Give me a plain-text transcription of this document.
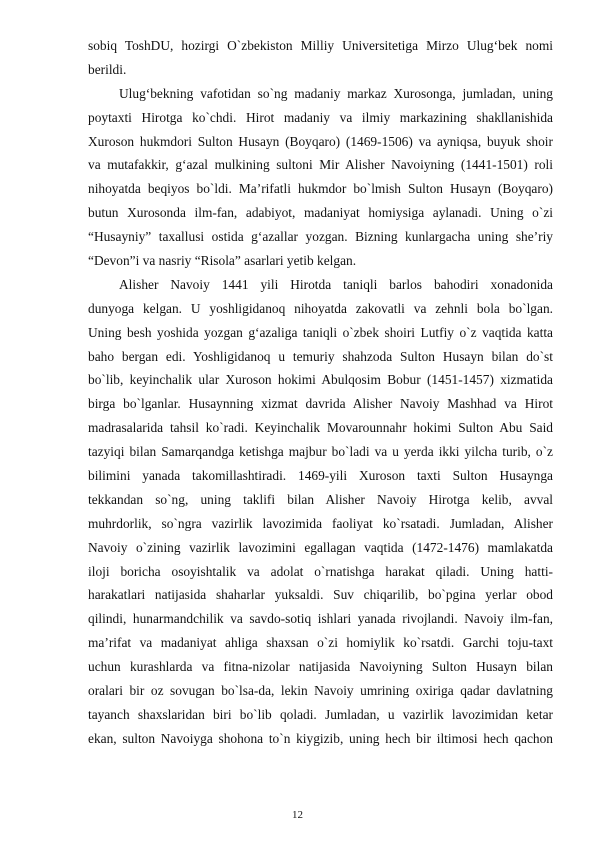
sobiq ToshDU, hozirgi O`zbekiston Milliy Universitetiga Mirzo Ulug‘bek nomi
berildi.
Ulug‘bekning vafotidan so`ng madaniy markaz Xurosonga, jumladan, uning
poytaxti Hirotga ko`chdi. Hirot madaniy va ilmiy markazining shakllanishida
Xuroson hukmdori Sulton Husayn (Boyqaro) (1469-1506) va ayniqsa, buyuk shoir
va mutafakkir, g‘azal mulkining sultoni Mir Alisher Navoiyning (1441-1501) roli
nihoyatda beqiyos bo`ldi. Ma’rifatli hukmdor bo`lmish Sulton Husayn (Boyqaro)
butun Xurosonda ilm-fan, adabiyot, madaniyat homiysiga aylanadi. Uning o`zi
“Husayniy” taxallusi ostida g‘azallar yozgan. Bizning kunlargacha uning she’riy
“Devon”i va nasriy “Risola” asarlari yetib kelgan.
Alisher Navoiy 1441 yili Hirotda taniqli barlos bahodiri xonadonida
dunyoga kelgan. U yoshligidanoq nihoyatda zakovatli va zehnli bola bo`lgan.
Uning besh yoshida yozgan g‘azaliga taniqli o`zbek shoiri Lutfiy o`z vaqtida katta
baho bergan edi. Yoshligidanoq u temuriy shahzoda Sulton Husayn bilan do`st
bo`lib, keyinchalik ular Xuroson hokimi Abulqosim Bobur (1451-1457) xizmatida
birga bo`lganlar. Husaynning xizmat davrida Alisher Navoiy Mashhad va Hirot
madrasalarida tahsil ko`radi. Keyinchalik Movarounnahr hokimi Sulton Abu Said
tazyiqi bilan Samarqandga ketishga majbur bo`ladi va u yerda ikki yilcha turib, o`z
bilimini yanada takomillashtiradi. 1469-yili Xuroson taxti Sulton Husaynga
tekkandan so`ng, uning taklifi bilan Alisher Navoiy Hirotga kelib, avval
muhrdorlik, so`ngra vazirlik lavozimida faoliyat ko`rsatadi. Jumladan, Alisher
Navoiy o`zining vazirlik lavozimini egallagan vaqtida (1472-1476) mamlakatda
iloji boricha osoyishtalik va adolat o`rnatishga harakat qiladi. Uning hatti-
harakatlari natijasida shaharlar yuksaldi. Suv chiqarilib, bo`pgina yerlar obod
qilindi, hunarmandchilik va savdo-sotiq ishlari yanada rivojlandi. Navoiy ilm-fan,
ma’rifat va madaniyat ahliga shaxsan o`zi homiylik ko`rsatdi. Garchi toju-taxt
uchun kurashlarda va fitna-nizolar natijasida Navoiyning Sulton Husayn bilan
oralari bir oz sovugan bo`lsa-da, lekin Navoiy umrining oxiriga qadar davlatning
tayanch shaxslaridan biri bo`lib qoladi. Jumladan, u vazirlik lavozimidan ketar
ekan, sulton Navoiyga shohona to`n kiygizib, uning hech bir iltimosi hech qachon
12
